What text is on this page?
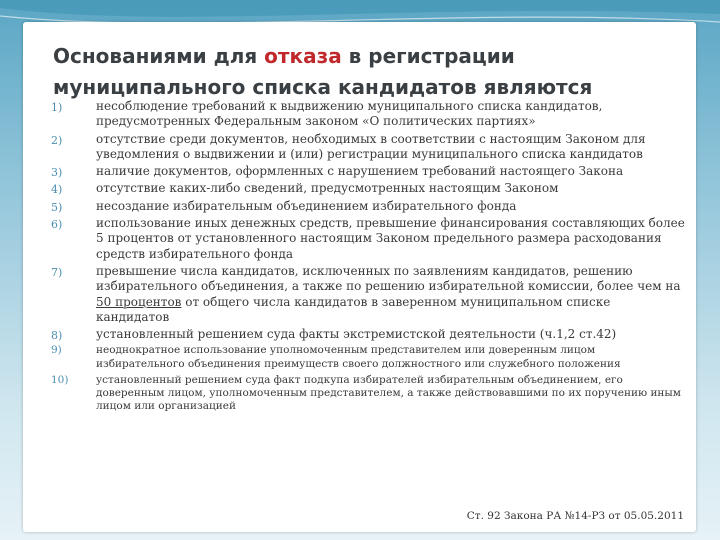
Основаниями для отказа в регистрации муниципального списка кандидатов являются
1)	несоблюдение требований к выдвижению муниципального списка кандидатов, предусмотренных Федеральным законом «О политических партиях»
2)	отсутствие среди документов, необходимых в соответствии с настоящим Законом для уведомления о выдвижении и (или) регистрации муниципального списка кандидатов
3)	наличие документов, оформленных с нарушением требований настоящего Закона
4)	отсутствие каких-либо сведений, предусмотренных настоящим Законом
5)	несоздание избирательным объединением избирательного фонда
6)	использование иных денежных средств, превышение финансирования составляющих более 5 процентов от установленного настоящим Законом предельного размера расходования средств избирательного фонда
7)	превышение числа кандидатов, исключенных по заявлениям кандидатов, решению избирательного объединения, а также по решению избирательной комиссии, более чем на 50 процентов от общего числа кандидатов в заверенном муниципальном списке кандидатов
8)	установленный решением суда факты экстремистской деятельности (ч.1,2 ст.42)
9)	неоднократное использование уполномоченным представителем или доверенным лицом избирательного объединения преимуществ своего должностного или служебного положения
10)	установленный решением суда факт подкупа избирателей избирательным объединением, его доверенным лицом, уполномоченным представителем, а также действовавшими по их поручению иным лицом или организацией
Ст. 92 Закона РА №14-РЗ от 05.05.2011
